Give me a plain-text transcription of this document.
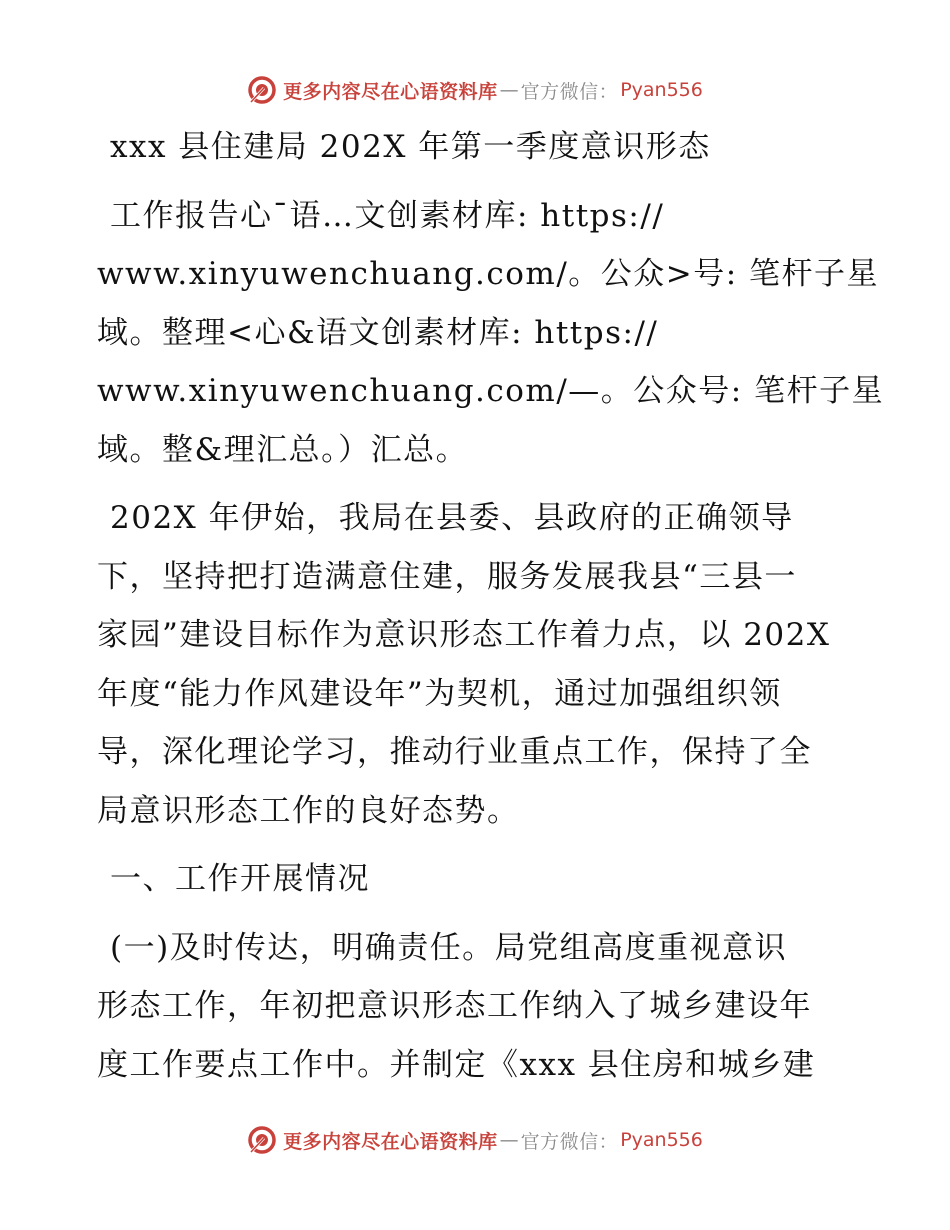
更多内容尽在心语资料库 — 官方微信： Pyan556
xxx 县住建局 202X 年第一季度意识形态
工作报告心¯语…文创素材库: https://
www.xinyuwenchuang.com/。公众>号: 笔杆子星
域。整理<心&语文创素材库: https://
www.xinyuwenchuang.com/—。公众号: 笔杆子星
域。整&理汇总。）汇总。
202X 年伊始，我局在县委、县政府的正确领导
下，坚持把打造满意住建，服务发展我县“三县一
家园”建设目标作为意识形态工作着力点，以 202X
年度“能力作风建设年”为契机，通过加强组织领
导，深化理论学习，推动行业重点工作，保持了全
局意识形态工作的良好态势。
一、工作开展情况
(一)及时传达，明确责任。局党组高度重视意识
形态工作，年初把意识形态工作纳入了城乡建设年
度工作要点工作中。并制定《xxx 县住房和城乡建
更多内容尽在心语资料库 — 官方微信： Pyan556
